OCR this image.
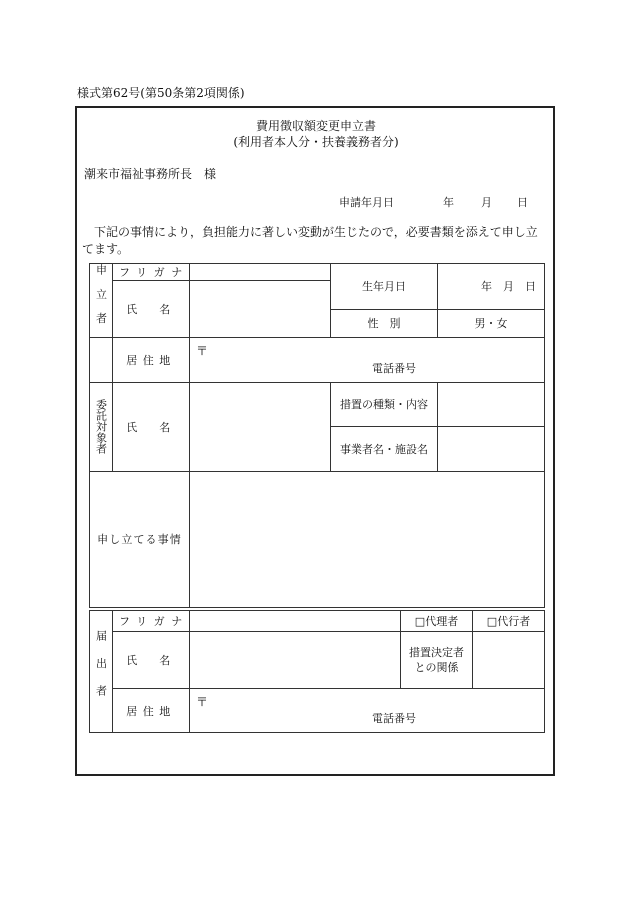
様式第62号(第50条第2項関係)
費用徴収額変更申立書
(利用者本人分・扶養義務者分)
潮来市福祉事務所長　様
申請年月日	年 月 日
下記の事情により，負担能力に著しい変動が生じたので，必要書類を添えて申し立てます。
申立者	フリガナ		生年月日	年　月　日
	氏　名			
			性　別	男・女
	居住地	〒
電話番号		

委託対象者	氏　名		措置の種類・内容	
			事業者名・施設名	
申し立てる事情				
届出者	フリガナ		□代理者	□代行者
	氏　名		措置決定者との関係	
	居住地	〒
電話番号		
